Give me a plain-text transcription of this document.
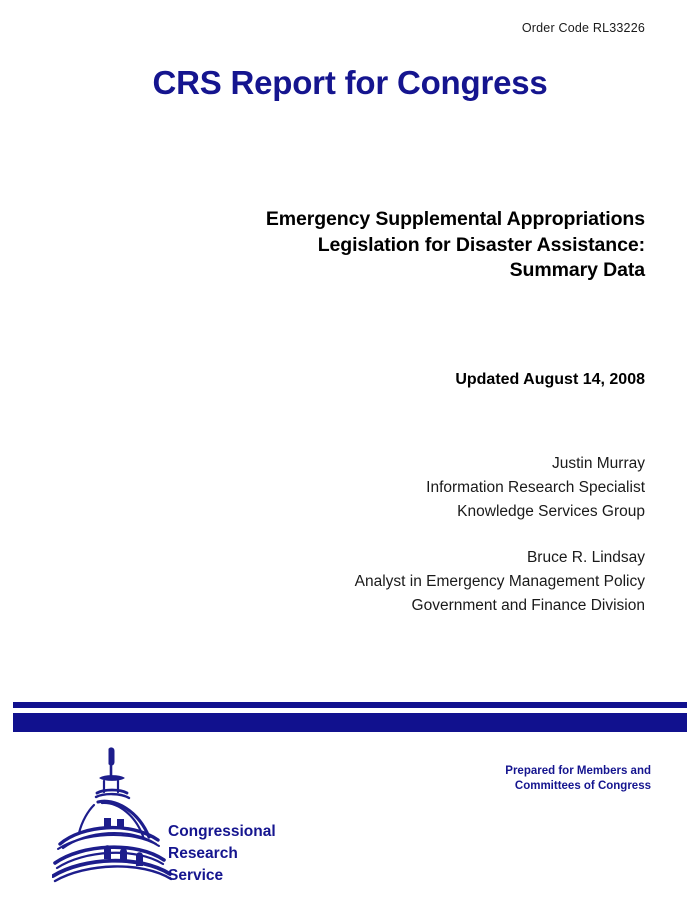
Order Code RL33226
CRS Report for Congress
Emergency Supplemental Appropriations
Legislation for Disaster Assistance:
Summary Data
Updated August 14, 2008
Justin Murray
Information Research Specialist
Knowledge Services Group
Bruce R. Lindsay
Analyst in Emergency Management Policy
Government and Finance Division
Prepared for Members and
Committees of Congress
Congressional
Research
Service
